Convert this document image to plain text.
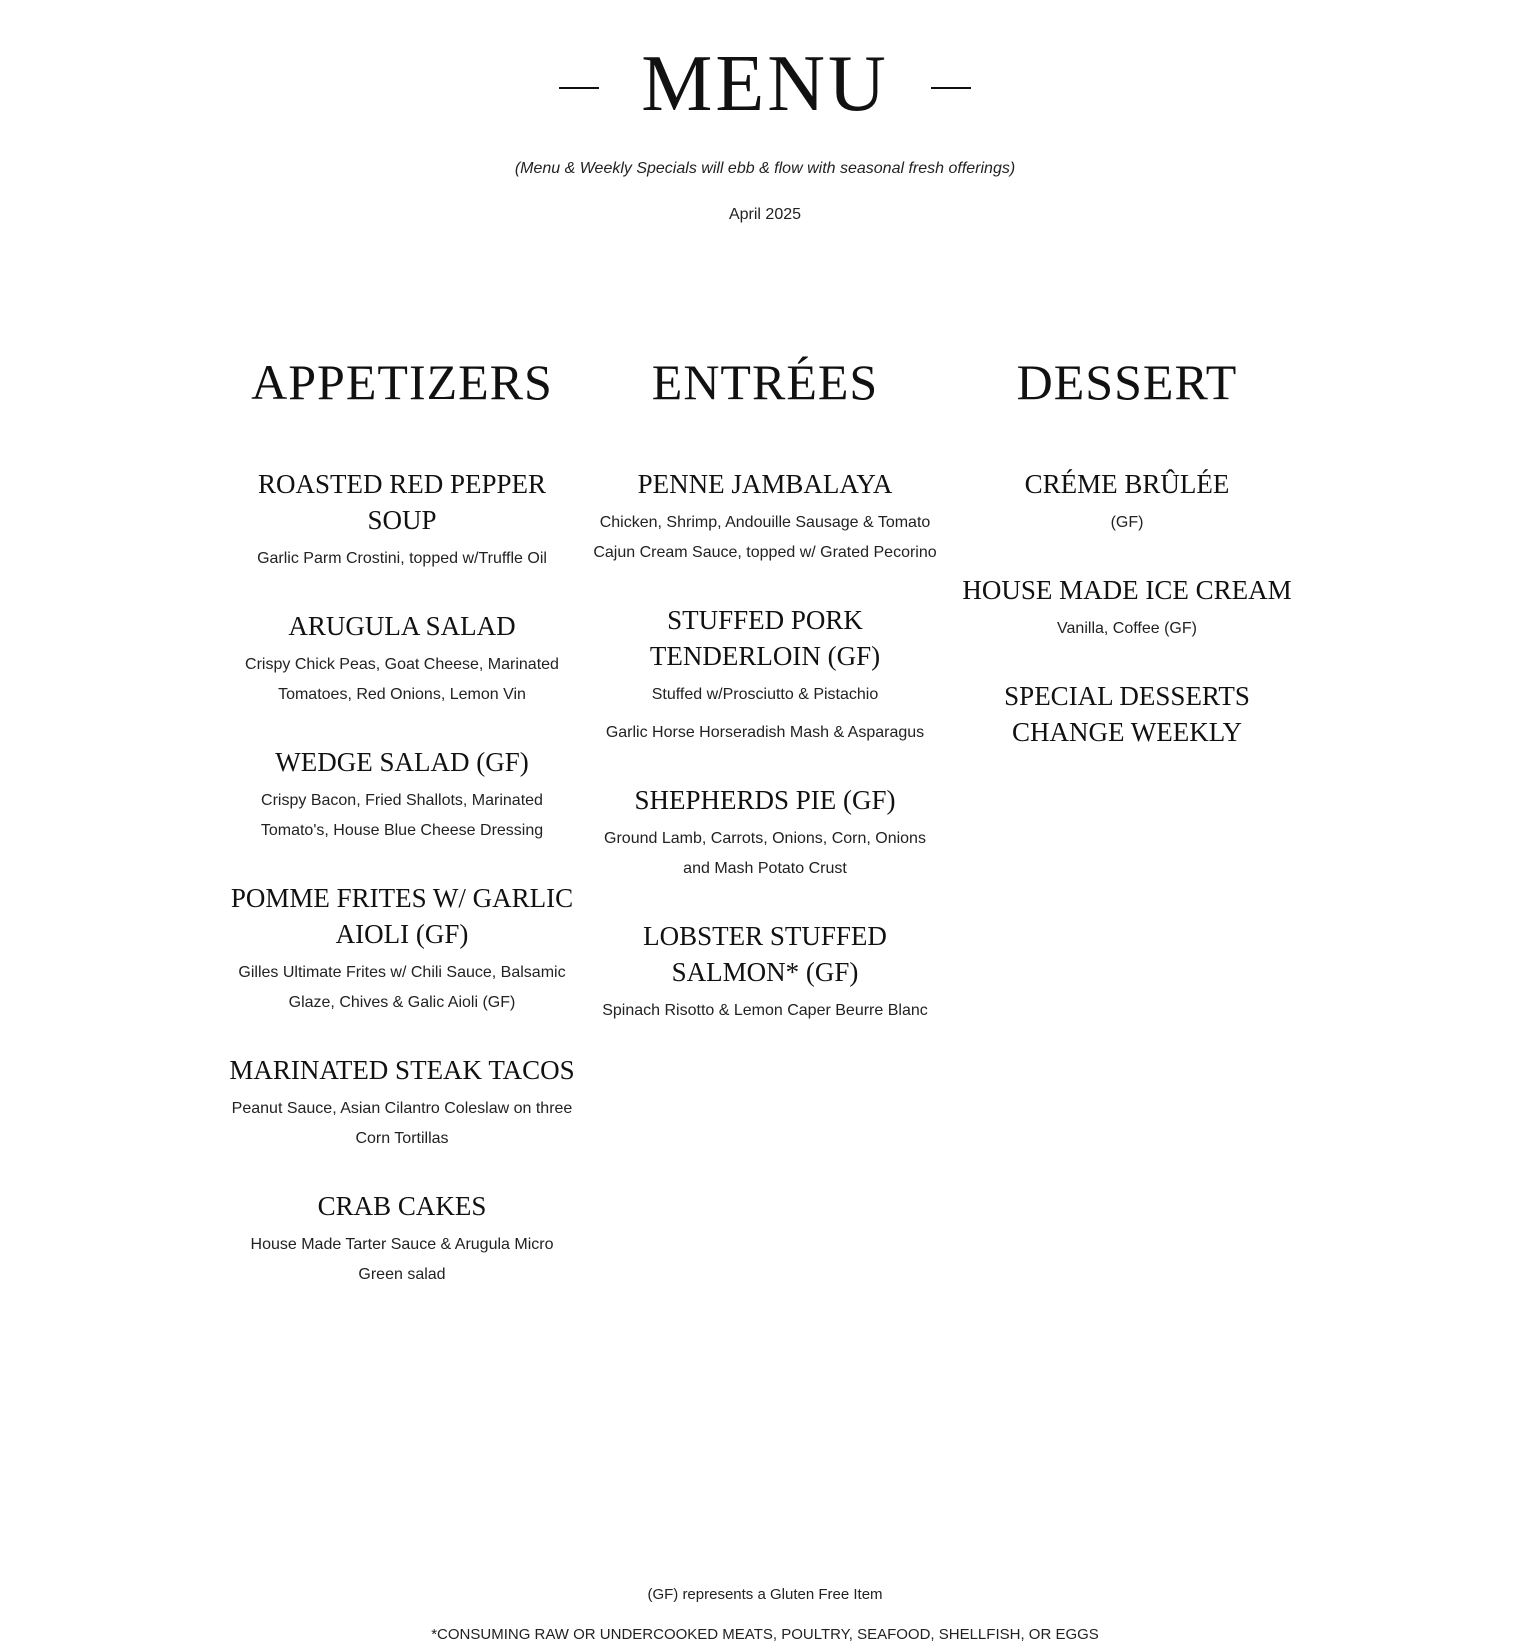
MENU
(Menu & Weekly Specials will ebb & flow with seasonal fresh offerings)
April 2025
APPETIZERS
ROASTED RED PEPPER SOUP

Garlic Parm Crostini, topped w/Truffle Oil

ARUGULA SALAD

Crispy Chick Peas, Goat Cheese, Marinated Tomatoes, Red Onions, Lemon Vin

WEDGE SALAD (GF)

Crispy Bacon, Fried Shallots, Marinated Tomato's, House Blue Cheese Dressing

POMME FRITES W/ GARLIC AIOLI (GF)

Gilles Ultimate Frites w/ Chili Sauce, Balsamic Glaze, Chives & Galic Aioli (GF)

MARINATED STEAK TACOS

Peanut Sauce, Asian Cilantro Coleslaw on three Corn Tortillas

CRAB CAKES

House Made Tarter Sauce & Arugula Micro Green salad

ENTRÉES
PENNE JAMBALAYA

Chicken, Shrimp, Andouille Sausage & Tomato Cajun Cream Sauce, topped w/ Grated Pecorino

STUFFED PORK TENDERLOIN (GF)

Stuffed w/Prosciutto & Pistachio

Garlic Horse Horseradish Mash & Asparagus

SHEPHERDS PIE (GF)

Ground Lamb, Carrots, Onions, Corn, Onions and Mash Potato Crust

LOBSTER STUFFED SALMON* (GF)

Spinach Risotto & Lemon Caper Beurre Blanc

DESSERT
CRÉME BRÛLÉE

(GF)

HOUSE MADE ICE CREAM

Vanilla, Coffee (GF)

SPECIAL DESSERTS CHANGE WEEKLY
(GF) represents a Gluten Free Item
*CONSUMING RAW OR UNDERCOOKED MEATS, POULTRY, SEAFOOD, SHELLFISH, OR EGGS
